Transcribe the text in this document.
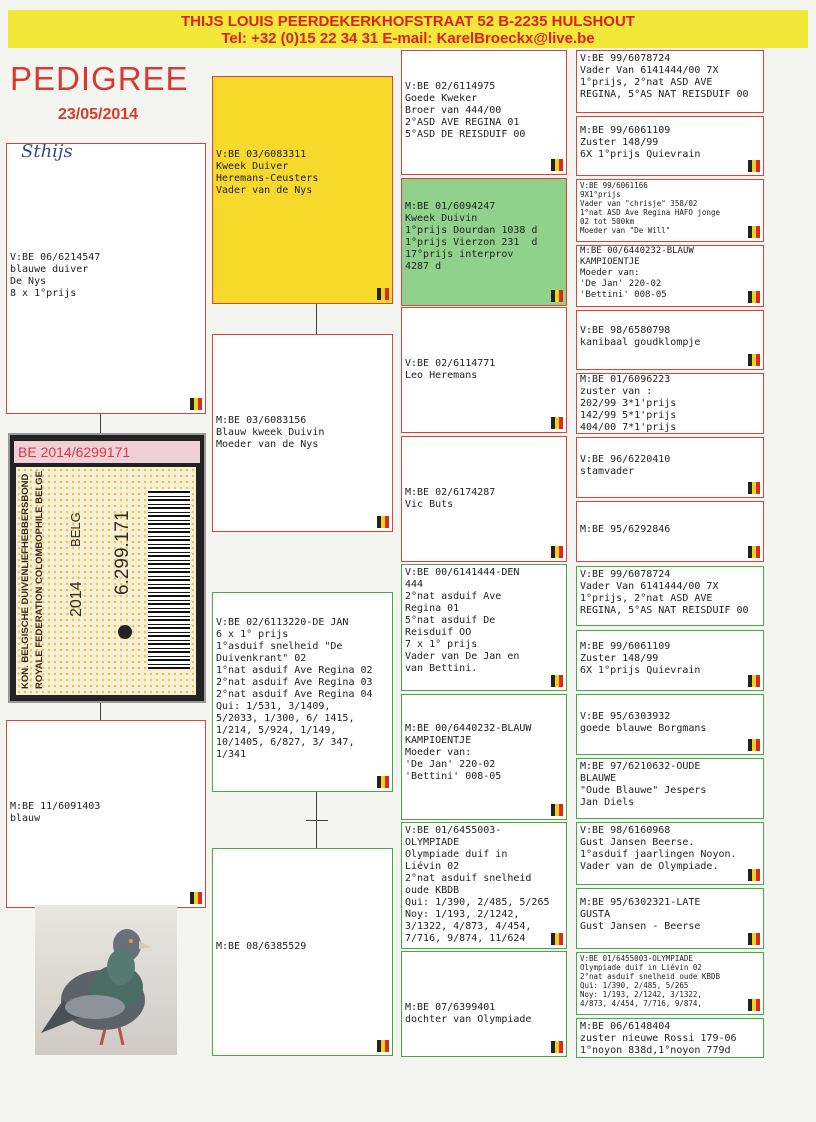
THIJS LOUIS PEERDEKERKHOFSTRAAT 52 B-2235 HULSHOUT
Tel: +32 (0)15 22 34 31 E-mail: KarelBroeckx@live.be
PEDIGREE
23/05/2014

Sthijs

V:BE 06/6214547
blauwe duiver
De Nys
8 x 1°prijs

BE 2014/6299171
KON. BELGISCHE DUIVENLIEFHEBBERSBOND ROYALE FEDERATION COLOMBOPHILE BELGE 2014
BELG 6.299.171

M:BE 11/6091403
blauw

V:BE 03/6083311
Kweek Duiver
Heremans-Ceusters
Vader van de Nys

M:BE 03/6083156
Blauw kweek Duivin
Moeder van de Nys

V:BE 02/6113220-DE JAN
6 x 1° prijs
1°asduif snelheid "De
Duivenkrant" 02
1°nat asduif Ave Regina 02
2°nat asduif Ave Regina 03
2°nat asduif Ave Regina 04
Qui: 1/531, 3/1409,
5/2033, 1/300, 6/ 1415,
1/214, 5/924, 1/149,
10/1405, 6/827, 3/ 347,
1/341

M:BE 08/6385529

V:BE 02/6114975
Goede Kweker
Broer van 444/00
2°ASD AVE REGINA 01
5°ASD DE REISDUIF 00

M:BE 01/6094247
Kweek Duivin
1°prijs Dourdan 1038 d
1°prijs Vierzon 231  d
17°prijs interprov
4287 d

V:BE 02/6114771
Leo Heremans

M:BE 02/6174287
Vic Buts

V:BE 00/6141444-DEN
444
2°nat asduif Ave
Regina 01
5°nat asduif De
Reisduif OO
7 x 1° prijs
Vader van De Jan en
van Bettini.

M:BE 00/6440232-BLAUW
KAMPIOENTJE
Moeder van:
'De Jan' 220-02
'Bettini' 008-05

V:BE 01/6455003-
OLYMPIADE
Olympiade duif in
Liévin 02
2°nat asduif snelheid
oude KBDB
Qui: 1/390, 2/485, 5/265
Noy: 1/193, 2/1242,
3/1322, 4/873, 4/454,
7/716, 9/874, 11/624

M:BE 07/6399401
dochter van Olympiade

V:BE 99/6078724
Vader Van 6141444/00 7X
1°prijs, 2°nat ASD AVE
REGINA, 5°AS NAT REISDUIF 00

M:BE 99/6061109
Zuster 148/99
6X 1°prijs Quievrain

V:BE 99/6061166
9X1°prijs
Vader van "chrisje" 358/02
1°nat ASD Ave Regina HAFO jonge
02 tot 500km
Moeder van "De Will"

M:BE 00/6440232-BLAUW
KAMPIOENTJE
Moeder van:
'De Jan' 220-02
'Bettini' 008-05

V:BE 98/6580798
kanibaal goudklompje

M:BE 01/6096223
zuster van :
202/99 3*1'prijs
142/99 5*1'prijs
404/00 7*1'prijs

V:BE 96/6220410
stamvader

M:BE 95/6292846

V:BE 99/6078724
Vader Van 6141444/00 7X
1°prijs, 2°nat ASD AVE
REGINA, 5°AS NAT REISDUIF 00

M:BE 99/6061109
Zuster 148/99
6X 1°prijs Quievrain

V:BE 95/6303932
goede blauwe Borgmans

M:BE 97/6210632-OUDE
BLAUWE
"Oude Blauwe" Jespers
Jan Diels

V:BE 98/6160968
Gust Jansen Beerse.
1°asduif jaarlingen Noyon.
Vader van de Olympiade.

M:BE 95/6302321-LATE
GUSTA
Gust Jansen - Beerse

V:BE 01/6455003-OLYMPIADE
Olympiade duif in Liévin 02
2°nat asduif snelheid oude KBDB
Qui: 1/390, 2/485, 5/265
Noy: 1/193, 2/1242, 3/1322,
4/873, 4/454, 7/716, 9/874,

M:BE 06/6148404
zuster nieuwe Rossi 179-06
1°noyon 838d,1°noyon 779d
